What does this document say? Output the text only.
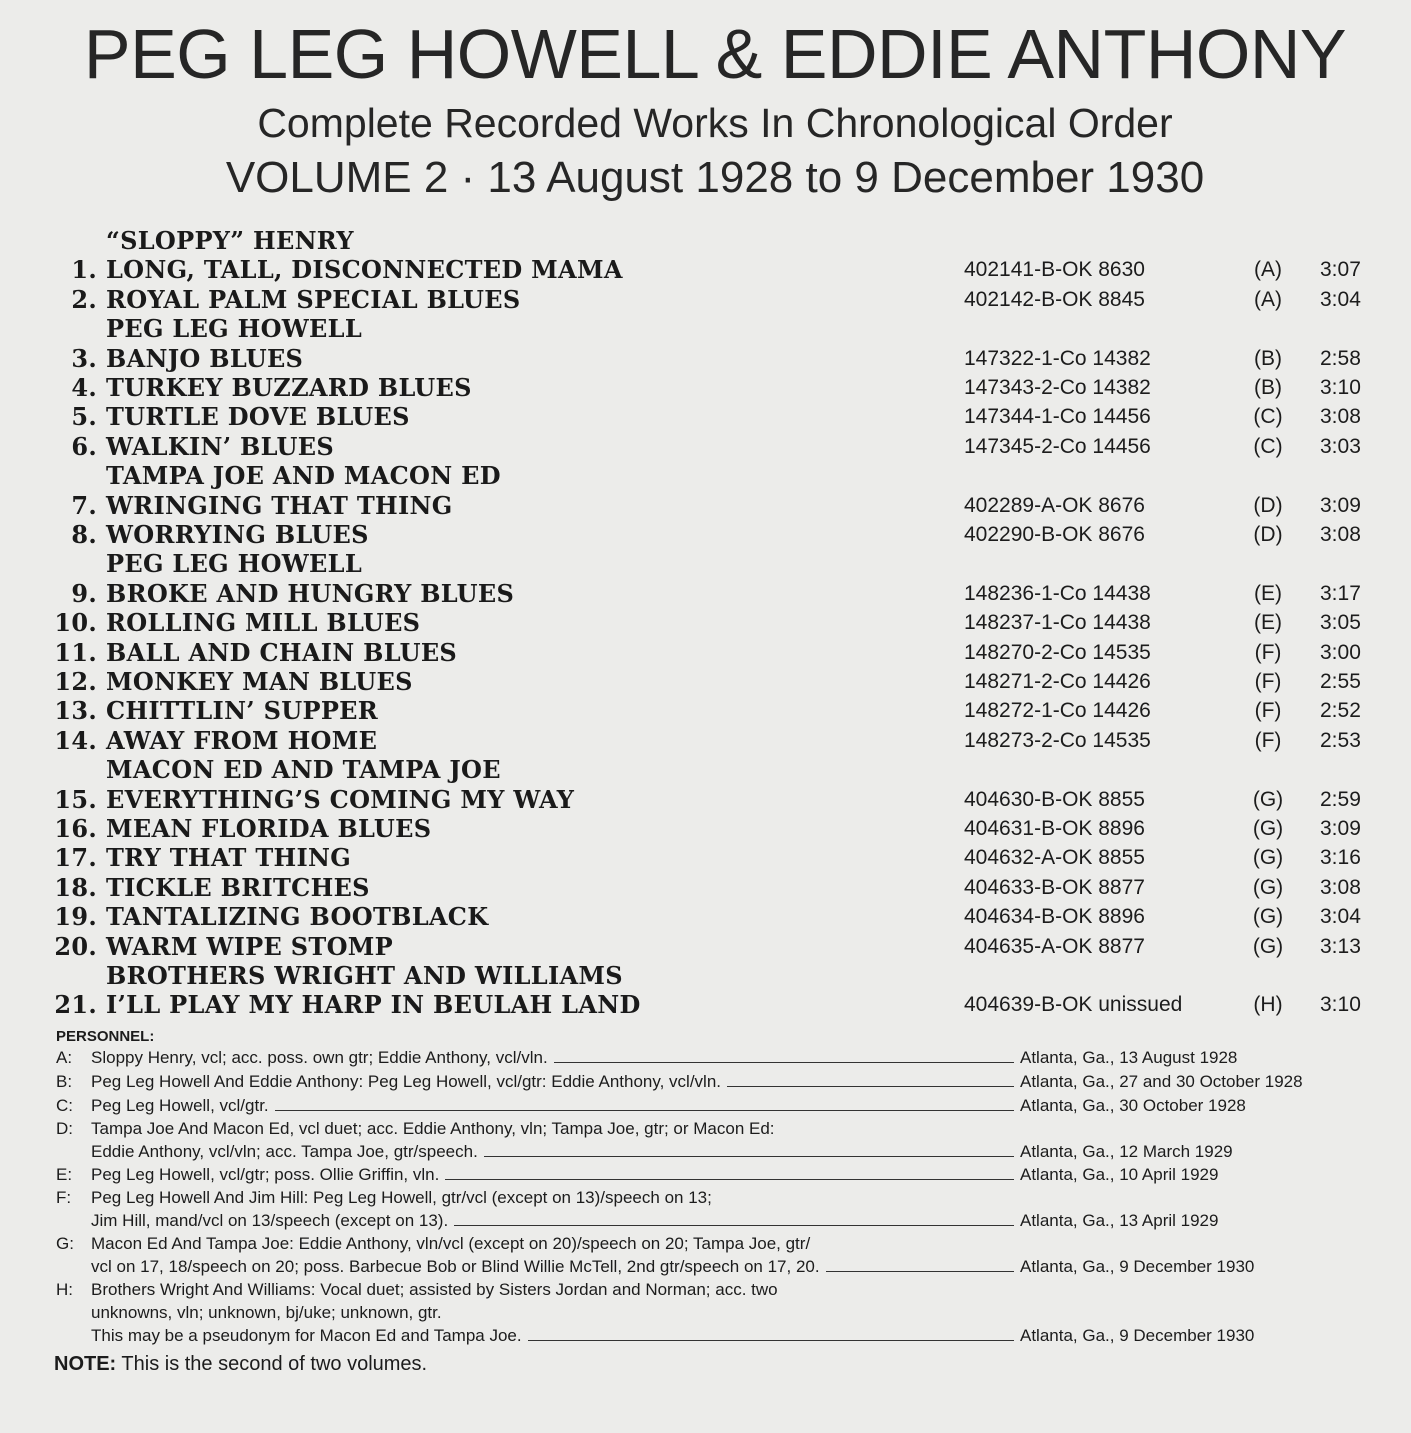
PEG LEG HOWELL & EDDIE ANTHONY
Complete Recorded Works In Chronological Order
VOLUME 2 · 13 August 1928 to 9 December 1930
“SLOPPY” HENRY
1. LONG, TALL, DISCONNECTED MAMA	402141-B-OK 8630	(A)	3:07
2. ROYAL PALM SPECIAL BLUES	402142-B-OK 8845	(A)	3:04
PEG LEG HOWELL
3. BANJO BLUES	147322-1-Co 14382	(B)	2:58
4. TURKEY BUZZARD BLUES	147343-2-Co 14382	(B)	3:10
5. TURTLE DOVE BLUES	147344-1-Co 14456	(C)	3:08
6. WALKIN’ BLUES	147345-2-Co 14456	(C)	3:03
TAMPA JOE AND MACON ED
7. WRINGING THAT THING	402289-A-OK 8676	(D)	3:09
8. WORRYING BLUES	402290-B-OK 8676	(D)	3:08
PEG LEG HOWELL
9. BROKE AND HUNGRY BLUES	148236-1-Co 14438	(E)	3:17
10. ROLLING MILL BLUES	148237-1-Co 14438	(E)	3:05
11. BALL AND CHAIN BLUES	148270-2-Co 14535	(F)	3:00
12. MONKEY MAN BLUES	148271-2-Co 14426	(F)	2:55
13. CHITTLIN’ SUPPER	148272-1-Co 14426	(F)	2:52
14. AWAY FROM HOME	148273-2-Co 14535	(F)	2:53
MACON ED AND TAMPA JOE
15. EVERYTHING’S COMING MY WAY	404630-B-OK 8855	(G)	2:59
16. MEAN FLORIDA BLUES	404631-B-OK 8896	(G)	3:09
17. TRY THAT THING	404632-A-OK 8855	(G)	3:16
18. TICKLE BRITCHES	404633-B-OK 8877	(G)	3:08
19. TANTALIZING BOOTBLACK	404634-B-OK 8896	(G)	3:04
20. WARM WIPE STOMP	404635-A-OK 8877	(G)	3:13
BROTHERS WRIGHT AND WILLIAMS
21. I’LL PLAY MY HARP IN BEULAH LAND	404639-B-OK unissued	(H)	3:10
PERSONNEL:
A: Sloppy Henry, vcl; acc. poss. own gtr; Eddie Anthony, vcl/vln.	Atlanta, Ga., 13 August 1928
B: Peg Leg Howell And Eddie Anthony: Peg Leg Howell, vcl/gtr: Eddie Anthony, vcl/vln.	Atlanta, Ga., 27 and 30 October 1928
C: Peg Leg Howell, vcl/gtr.	Atlanta, Ga., 30 October 1928
D: Tampa Joe And Macon Ed, vcl duet; acc. Eddie Anthony, vln; Tampa Joe, gtr; or Macon Ed:
Eddie Anthony, vcl/vln; acc. Tampa Joe, gtr/speech.	Atlanta, Ga., 12 March 1929
E: Peg Leg Howell, vcl/gtr; poss. Ollie Griffin, vln.	Atlanta, Ga., 10 April 1929
F: Peg Leg Howell And Jim Hill: Peg Leg Howell, gtr/vcl (except on 13)/speech on 13;
Jim Hill, mand/vcl on 13/speech (except on 13).	Atlanta, Ga., 13 April 1929
G: Macon Ed And Tampa Joe: Eddie Anthony, vln/vcl (except on 20)/speech on 20; Tampa Joe, gtr/
vcl on 17, 18/speech on 20; poss. Barbecue Bob or Blind Willie McTell, 2nd gtr/speech on 17, 20.	Atlanta, Ga., 9 December 1930
H: Brothers Wright And Williams: Vocal duet; assisted by Sisters Jordan and Norman; acc. two
unknowns, vln; unknown, bj/uke; unknown, gtr.
This may be a pseudonym for Macon Ed and Tampa Joe.	Atlanta, Ga., 9 December 1930
NOTE: This is the second of two volumes.
